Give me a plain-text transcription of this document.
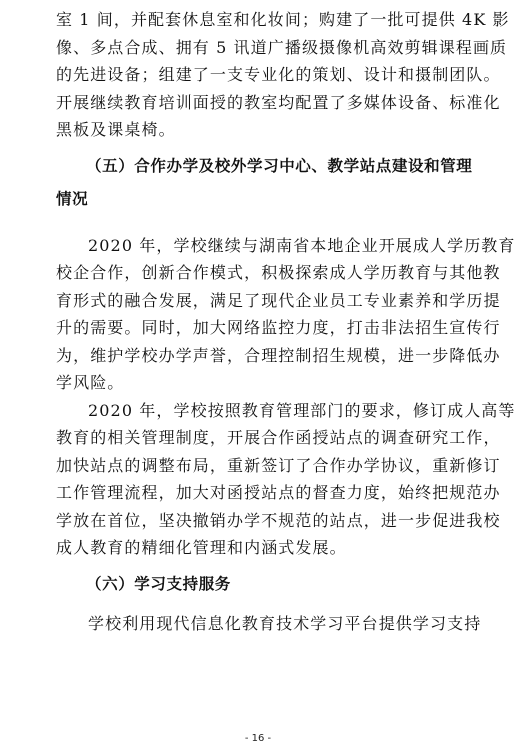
室 1 间，并配套休息室和化妆间；购建了一批可提供 4K 影
像、多点合成、拥有 5 讯道广播级摄像机高效剪辑课程画质
的先进设备；组建了一支专业化的策划、设计和摄制团队。
开展继续教育培训面授的教室均配置了多媒体设备、标准化
黑板及课桌椅。
（五）合作办学及校外学习中心、教学站点建设和管理
情况
2020 年，学校继续与湖南省本地企业开展成人学历教育
校企合作，创新合作模式，积极探索成人学历教育与其他教
育形式的融合发展，满足了现代企业员工专业素养和学历提
升的需要。同时，加大网络监控力度，打击非法招生宣传行
为，维护学校办学声誉，合理控制招生规模，进一步降低办
学风险。
2020 年，学校按照教育管理部门的要求，修订成人高等
教育的相关管理制度，开展合作函授站点的调查研究工作，
加快站点的调整布局，重新签订了合作办学协议，重新修订
工作管理流程，加大对函授站点的督查力度，始终把规范办
学放在首位，坚决撤销办学不规范的站点，进一步促进我校
成人教育的精细化管理和内涵式发展。
（六）学习支持服务
学校利用现代信息化教育技术学习平台提供学习支持
- 16 -
